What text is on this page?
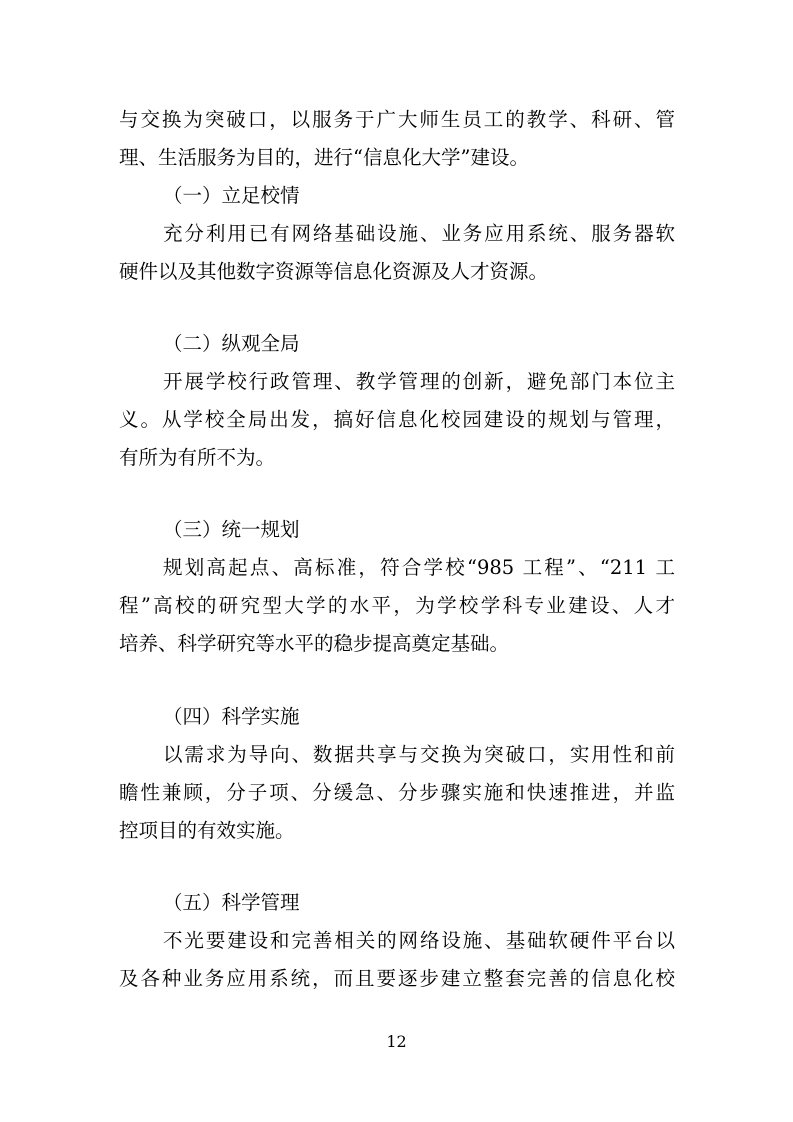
与交换为突破口，以服务于广大师生员工的教学、科研、管
理、生活服务为目的，进行“信息化大学”建设。
（一）立足校情
充分利用已有网络基础设施、业务应用系统、服务器软
硬件以及其他数字资源等信息化资源及人才资源。
（二）纵观全局
开展学校行政管理、教学管理的创新，避免部门本位主
义。从学校全局出发，搞好信息化校园建设的规划与管理，
有所为有所不为。
（三）统一规划
规划高起点、高标准，符合学校“985 工程”、“211 工
程”高校的研究型大学的水平，为学校学科专业建设、人才
培养、科学研究等水平的稳步提高奠定基础。
（四）科学实施
以需求为导向、数据共享与交换为突破口，实用性和前
瞻性兼顾，分子项、分缓急、分步骤实施和快速推进，并监
控项目的有效实施。
（五）科学管理
不光要建设和完善相关的网络设施、基础软硬件平台以
及各种业务应用系统，而且要逐步建立整套完善的信息化校
12
